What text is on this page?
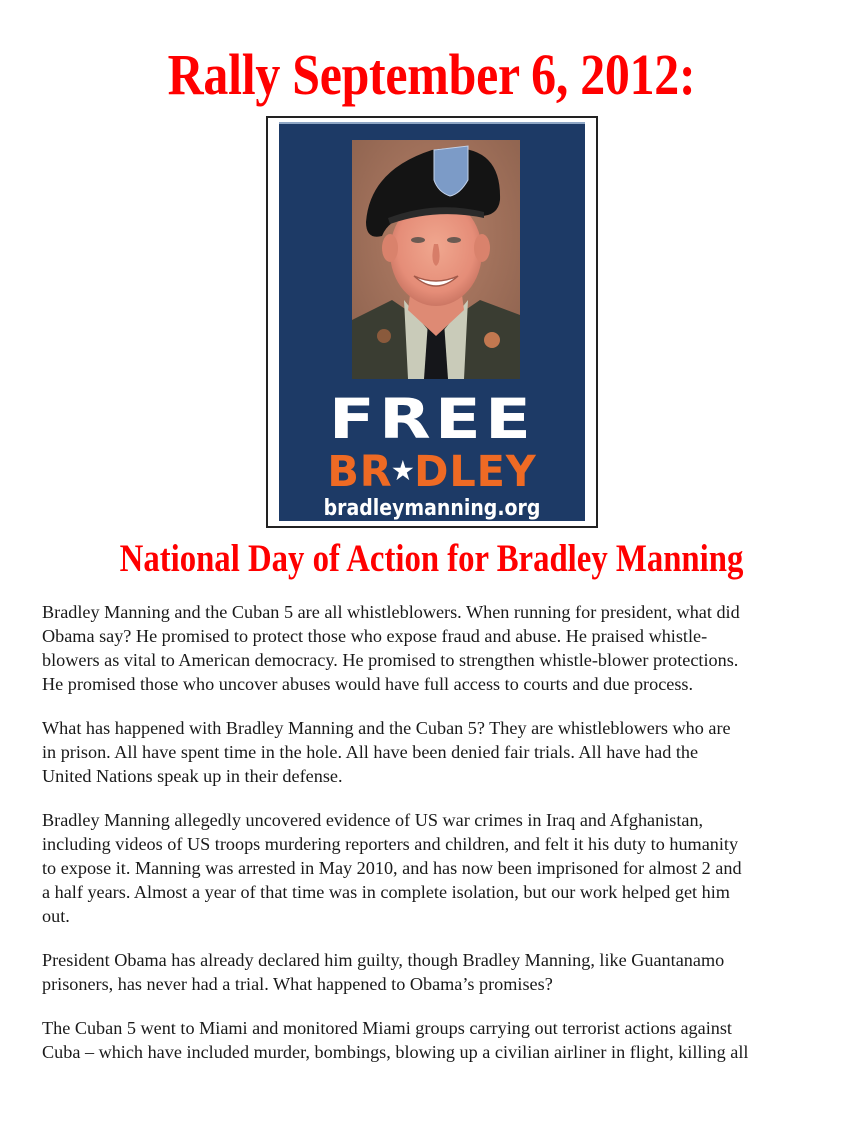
Rally September 6, 2012:
FREE
BR★DLEY
bradleymanning.org
National Day of Action for Bradley Manning

Bradley Manning and the Cuban 5 are all whistleblowers. When running for president, what did
Obama say? He promised to protect those who expose fraud and abuse. He praised whistle-
blowers as vital to American democracy. He promised to strengthen whistle-blower protections.
He promised those who uncover abuses would have full access to courts and due process.

What has happened with Bradley Manning and the Cuban 5? They are whistleblowers who are
in prison. All have spent time in the hole. All have been denied fair trials. All have had the
United Nations speak up in their defense.

Bradley Manning allegedly uncovered evidence of US war crimes in Iraq and Afghanistan,
including videos of US troops murdering reporters and children, and felt it his duty to humanity
to expose it. Manning was arrested in May 2010, and has now been imprisoned for almost 2 and
a half years. Almost a year of that time was in complete isolation, but our work helped get him
out.

President Obama has already declared him guilty, though Bradley Manning, like Guantanamo
prisoners, has never had a trial. What happened to Obama’s promises?

The Cuban 5 went to Miami and monitored Miami groups carrying out terrorist actions against
Cuba – which have included murder, bombings, blowing up a civilian airliner in flight, killing all
